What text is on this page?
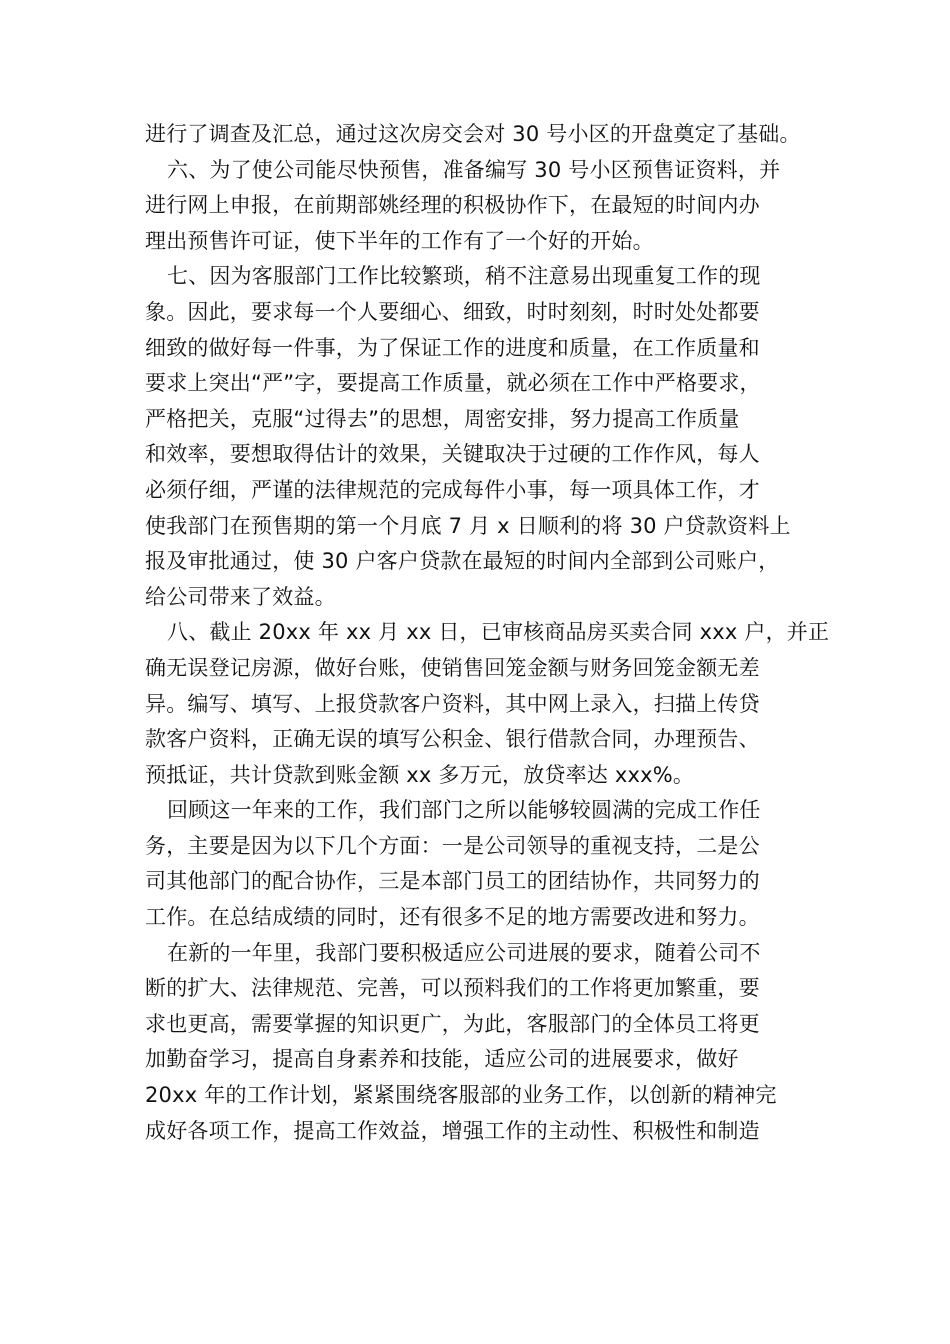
进行了调查及汇总，通过这次房交会对 30 号小区的开盘奠定了基础。
六、为了使公司能尽快预售，准备编写 30 号小区预售证资料，并
进行网上申报，在前期部姚经理的积极协作下，在最短的时间内办
理出预售许可证，使下半年的工作有了一个好的开始。
七、因为客服部门工作比较繁琐，稍不注意易出现重复工作的现
象。因此，要求每一个人要细心、细致，时时刻刻，时时处处都要
细致的做好每一件事，为了保证工作的进度和质量，在工作质量和
要求上突出“严”字，要提高工作质量，就必须在工作中严格要求，
严格把关，克服“过得去”的思想，周密安排，努力提高工作质量
和效率，要想取得估计的效果，关键取决于过硬的工作作风，每人
必须仔细，严谨的法律规范的完成每件小事，每一项具体工作，才
使我部门在预售期的第一个月底 7 月 x 日顺利的将 30 户贷款资料上
报及审批通过，使 30 户客户贷款在最短的时间内全部到公司账户，
给公司带来了效益。
八、截止 20xx 年 xx 月 xx 日，已审核商品房买卖合同 xxx 户，并正
确无误登记房源，做好台账，使销售回笼金额与财务回笼金额无差
异。编写、填写、上报贷款客户资料，其中网上录入，扫描上传贷
款客户资料，正确无误的填写公积金、银行借款合同，办理预告、
预抵证，共计贷款到账金额 xx 多万元，放贷率达 xxx%。
回顾这一年来的工作，我们部门之所以能够较圆满的完成工作任
务，主要是因为以下几个方面：一是公司领导的重视支持，二是公
司其他部门的配合协作，三是本部门员工的团结协作，共同努力的
工作。在总结成绩的同时，还有很多不足的地方需要改进和努力。
在新的一年里，我部门要积极适应公司进展的要求，随着公司不
断的扩大、法律规范、完善，可以预料我们的工作将更加繁重，要
求也更高，需要掌握的知识更广，为此，客服部门的全体员工将更
加勤奋学习，提高自身素养和技能，适应公司的进展要求，做好
20xx 年的工作计划，紧紧围绕客服部的业务工作，以创新的精神完
成好各项工作，提高工作效益，增强工作的主动性、积极性和制造
